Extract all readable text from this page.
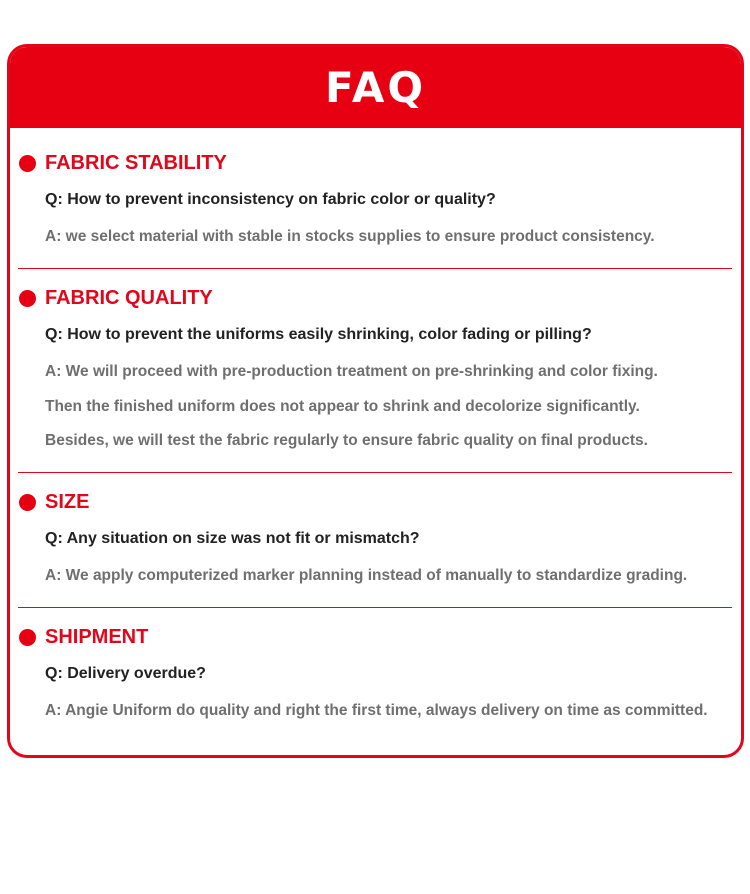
FAQ
FABRIC STABILITY
Q: How to prevent inconsistency on fabric color or quality?
A: we select material with stable in stocks supplies to ensure product consistency.
FABRIC QUALITY
Q: How to prevent the uniforms easily shrinking, color fading or pilling?
A: We will proceed with pre-production treatment on pre-shrinking and color fixing.
Then the finished uniform does not appear to shrink and decolorize significantly.
Besides, we will test the fabric regularly to ensure fabric quality on final products.
SIZE
Q: Any situation on size was not fit or mismatch?
A: We apply computerized marker planning instead of manually to standardize grading.
SHIPMENT
Q: Delivery overdue?
A: Angie Uniform do quality and right the first time, always delivery on time as committed.
